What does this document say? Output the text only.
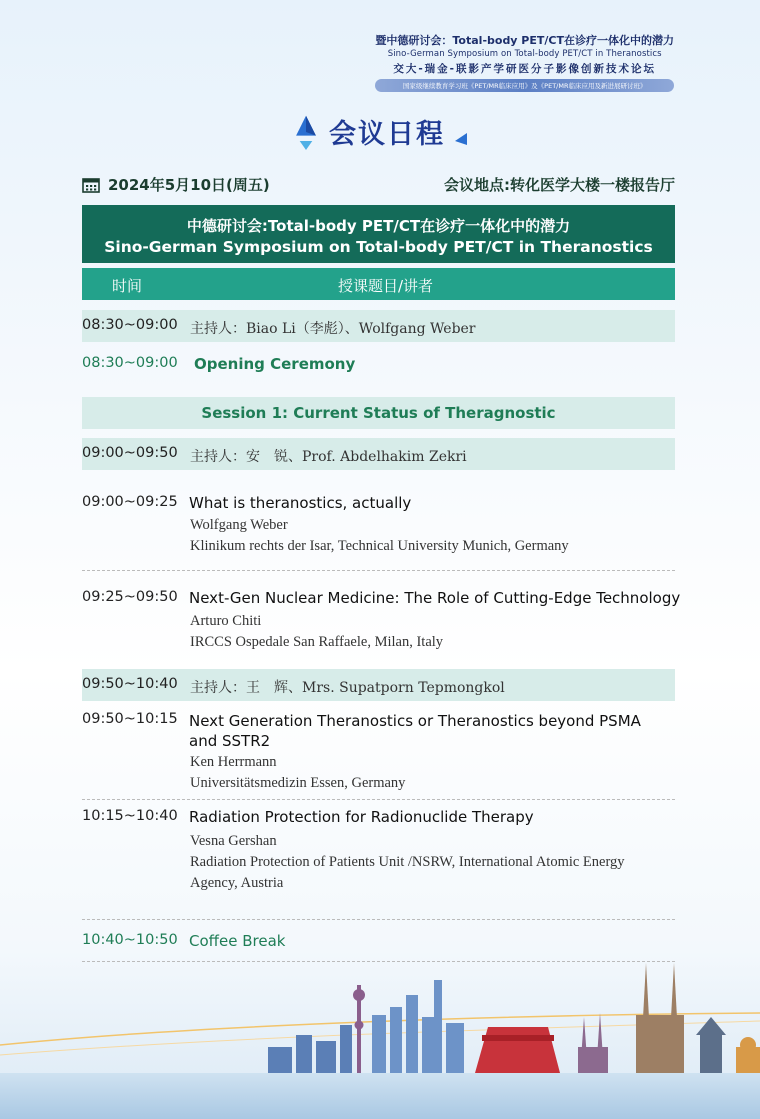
暨中德研讨会：Total-body PET/CT在诊疗一体化中的潜力
Sino-German Symposium on Total-body PET/CT in Theranostics
交大-瑞金-联影产学研医分子影像创新技术论坛
国家级继续教育学习班《PET/MR临床应用》及《PET/MR临床应用及新进展研讨班》
会议日程
2024年5月10日(周五)	会议地点:转化医学大楼一楼报告厅
中德研讨会:Total-body PET/CT在诊疗一体化中的潜力
Sino-German Symposium on Total-body PET/CT in Theranostics
时间	授课题目/讲者
08:30~09:00 主持人：Biao Li（李彪）、Wolfgang Weber
08:30~09:00 Opening Ceremony
Session 1: Current Status of Theragnostic
09:00~09:50 主持人：安　锐、Prof. Abdelhakim Zekri
09:00~09:25 What is theranostics, actually
Wolfgang Weber
Klinikum rechts der Isar, Technical University Munich, Germany
09:25~09:50 Next-Gen Nuclear Medicine: The Role of Cutting-Edge Technology
Arturo Chiti
IRCCS Ospedale San Raffaele, Milan, Italy
09:50~10:40 主持人：王　辉、Mrs. Supatporn Tepmongkol
09:50~10:15 Next Generation Theranostics or Theranostics beyond PSMA and SSTR2
Ken Herrmann
Universitätsmedizin Essen, Germany
10:15~10:40 Radiation Protection for Radionuclide Therapy
Vesna Gershan
Radiation Protection of Patients Unit /NSRW, International Atomic Energy Agency, Austria
10:40~10:50 Coffee Break
